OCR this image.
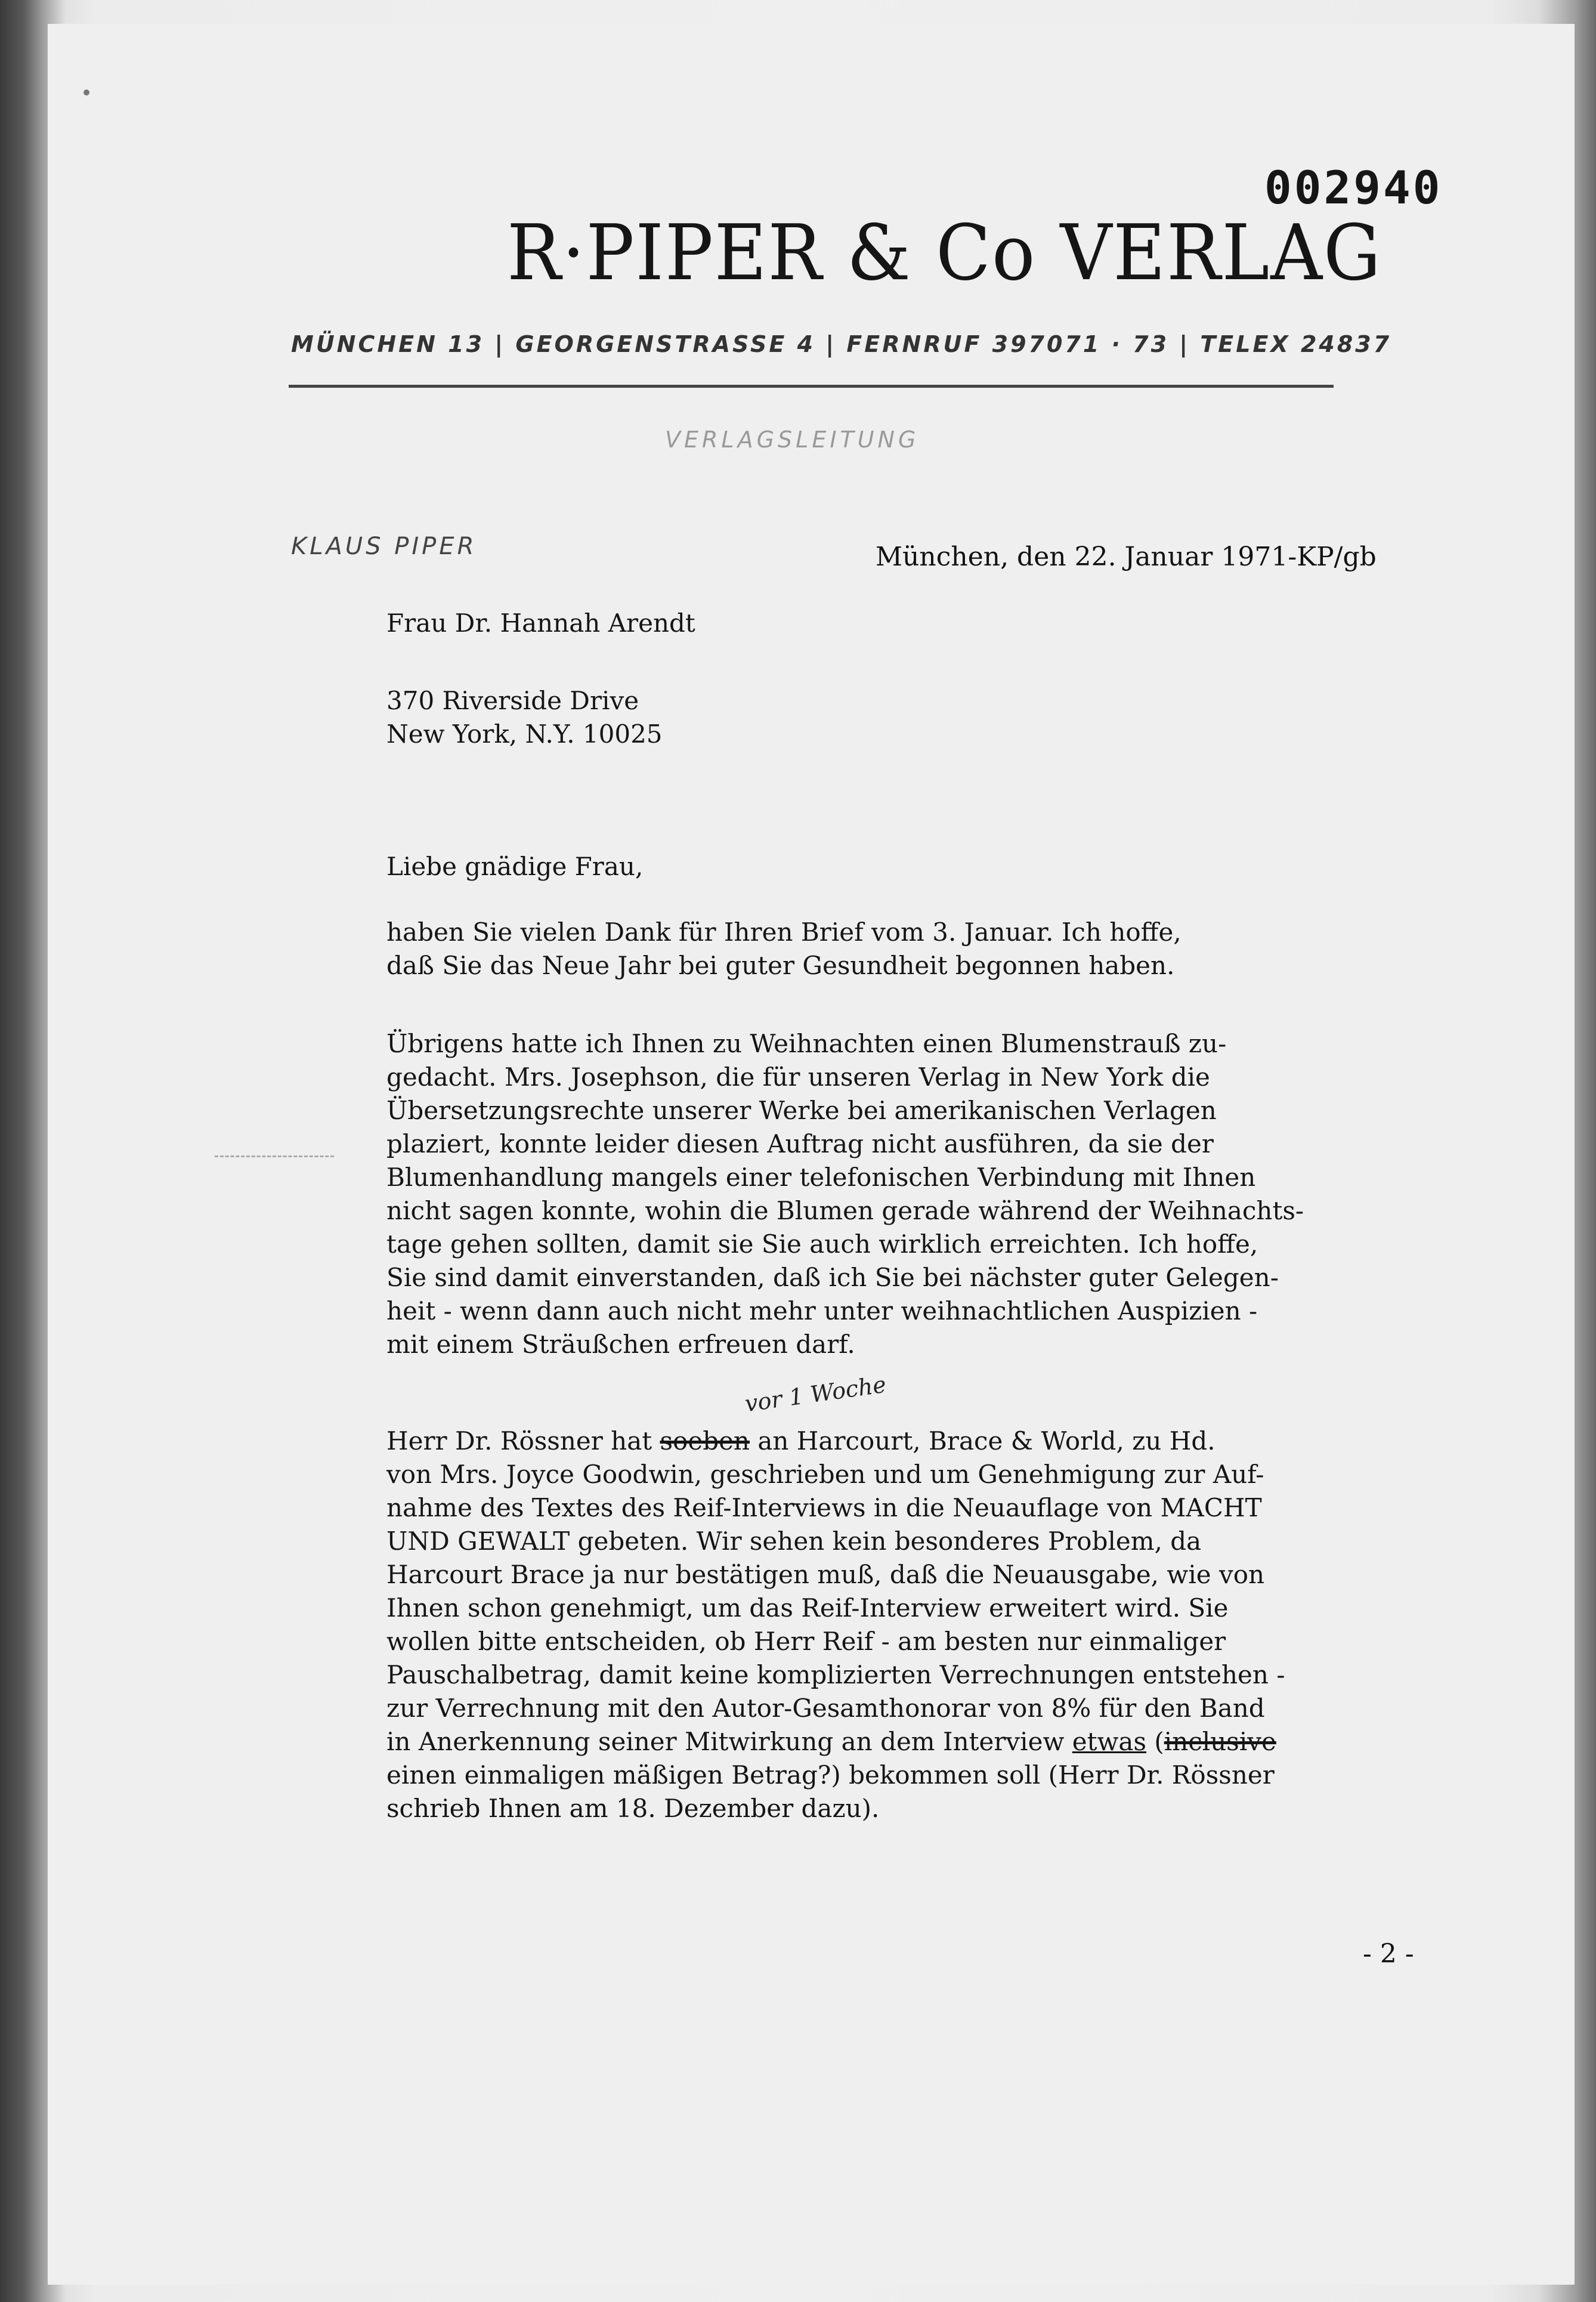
002940
R·PIPER & Co VERLAG
MÜNCHEN 13 | GEORGENSTRASSE 4 | FERNRUF 397071 · 73 | TELEX 24837
VERLAGSLEITUNG
KLAUS PIPER	München, den 22. Januar 1971-KP/gb
Frau Dr. Hannah Arendt
370 Riverside Drive
New York, N.Y. 10025
Liebe gnädige Frau,

haben Sie vielen Dank für Ihren Brief vom 3. Januar. Ich hoffe,

daß Sie das Neue Jahr bei guter Gesundheit begonnen haben.

Übrigens hatte ich Ihnen zu Weihnachten einen Blumenstrauß zu-

gedacht. Mrs. Josephson, die für unseren Verlag in New York die

Übersetzungsrechte unserer Werke bei amerikanischen Verlagen

plaziert, konnte leider diesen Auftrag nicht ausführen, da sie der

Blumenhandlung mangels einer telefonischen Verbindung mit Ihnen

nicht sagen konnte, wohin die Blumen gerade während der Weihnachts-

tage gehen sollten, damit sie Sie auch wirklich erreichten. Ich hoffe,

Sie sind damit einverstanden, daß ich Sie bei nächster guter Gelegen-

heit - wenn dann auch nicht mehr unter weihnachtlichen Auspizien -

mit einem Sträußchen erfreuen darf.

vor 1 Woche

Herr Dr. Rössner hat soeben an Harcourt, Brace & World, zu Hd.

von Mrs. Joyce Goodwin, geschrieben und um Genehmigung zur Auf-

nahme des Textes des Reif-Interviews in die Neuauflage von MACHT

UND GEWALT gebeten. Wir sehen kein besonderes Problem, da

Harcourt Brace ja nur bestätigen muß, daß die Neuausgabe, wie von

Ihnen schon genehmigt, um das Reif-Interview erweitert wird. Sie

wollen bitte entscheiden, ob Herr Reif - am besten nur einmaliger

Pauschalbetrag, damit keine komplizierten Verrechnungen entstehen -

zur Verrechnung mit den Autor-Gesamthonorar von 8% für den Band

in Anerkennung seiner Mitwirkung an dem Interview etwas (inclusive

einen einmaligen mäßigen Betrag?) bekommen soll (Herr Dr. Rössner

schrieb Ihnen am 18. Dezember dazu).

- 2 -
